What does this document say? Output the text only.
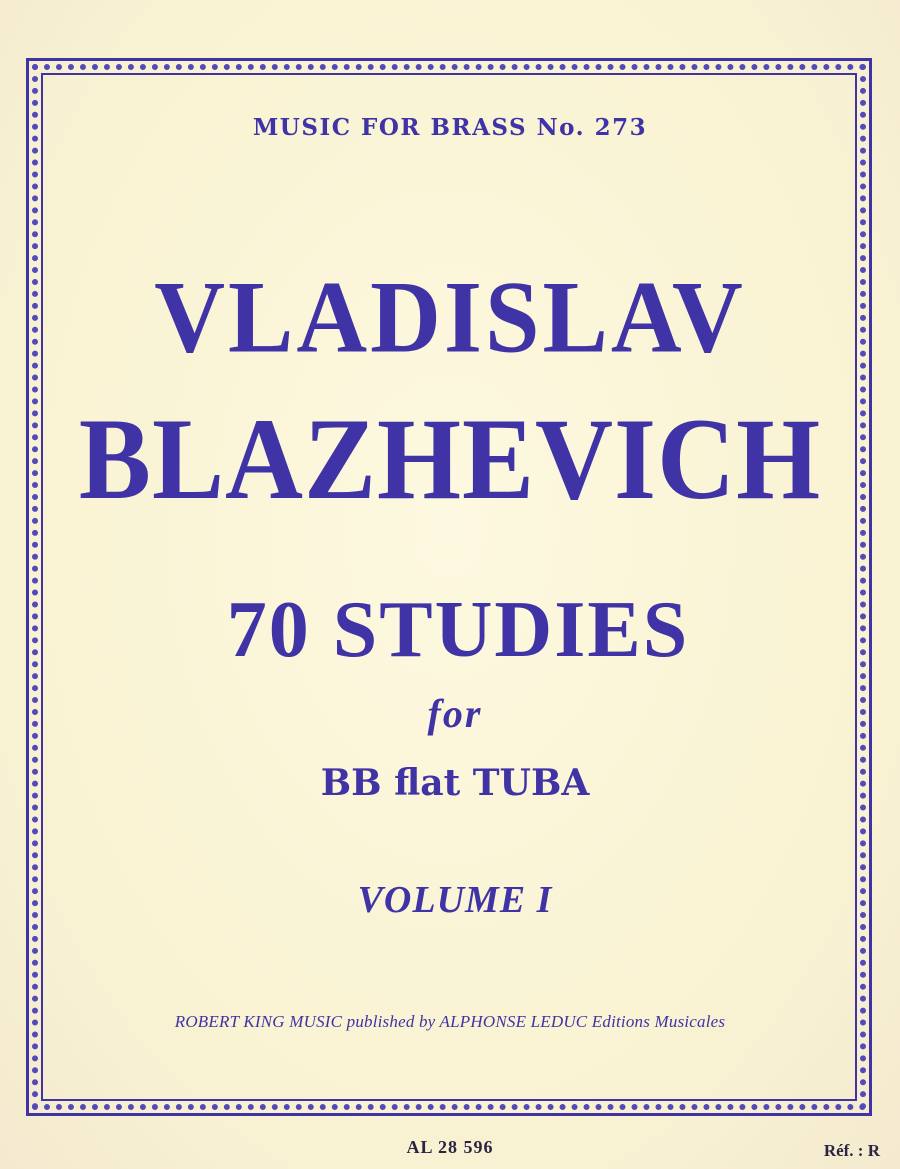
MUSIC FOR BRASS No. 273
VLADISLAV
BLAZHEVICH
70 STUDIES
for
BB flat TUBA
VOLUME I
ROBERT KING MUSIC published by ALPHONSE LEDUC Editions Musicales
AL 28 596	Réf. : R
